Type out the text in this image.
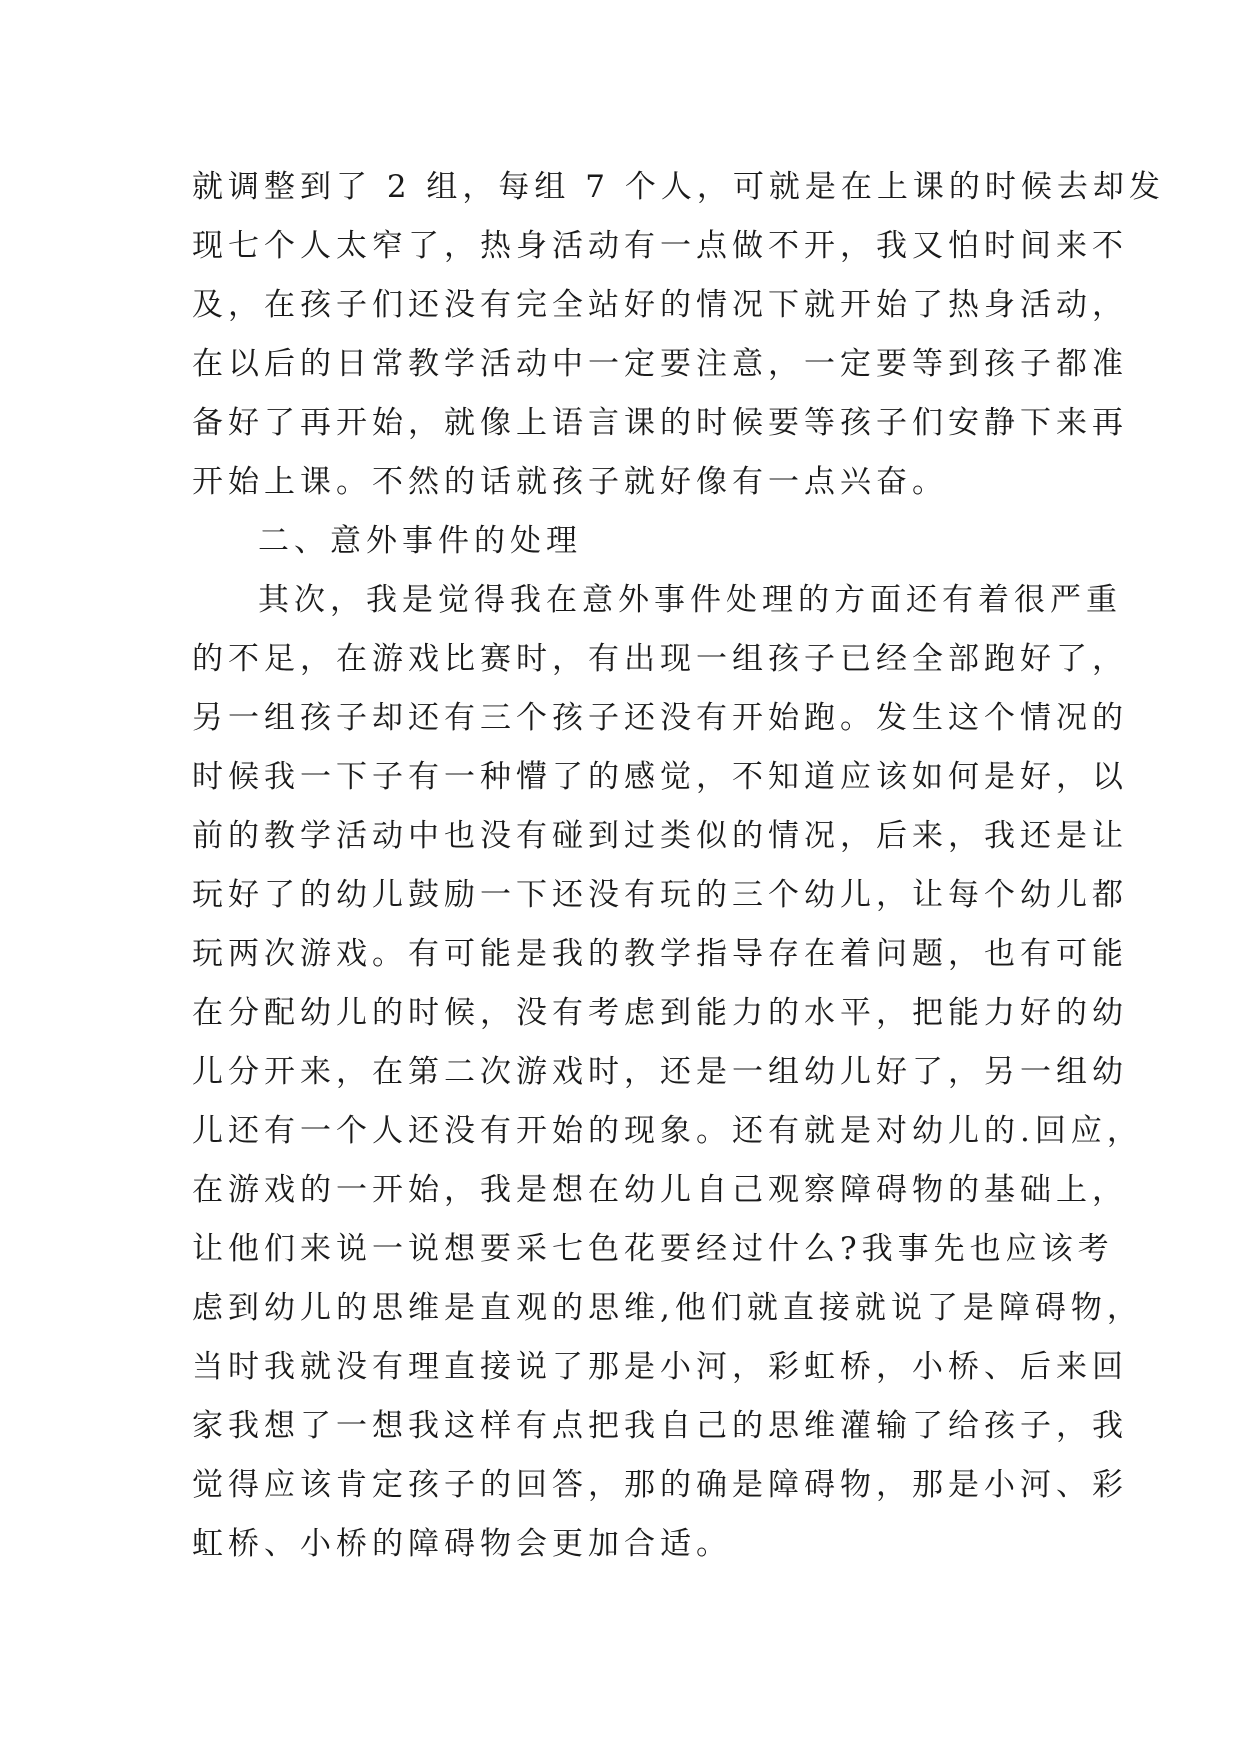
就调整到了 2 组，每组 7 个人，可就是在上课的时候去却发
现七个人太窄了，热身活动有一点做不开，我又怕时间来不
及，在孩子们还没有完全站好的情况下就开始了热身活动，
在以后的日常教学活动中一定要注意，一定要等到孩子都准
备好了再开始，就像上语言课的时候要等孩子们安静下来再
开始上课。不然的话就孩子就好像有一点兴奋。
二、意外事件的处理
其次，我是觉得我在意外事件处理的方面还有着很严重
的不足，在游戏比赛时，有出现一组孩子已经全部跑好了，
另一组孩子却还有三个孩子还没有开始跑。发生这个情况的
时候我一下子有一种懵了的感觉，不知道应该如何是好，以
前的教学活动中也没有碰到过类似的情况，后来，我还是让
玩好了的幼儿鼓励一下还没有玩的三个幼儿，让每个幼儿都
玩两次游戏。有可能是我的教学指导存在着问题，也有可能
在分配幼儿的时候，没有考虑到能力的水平，把能力好的幼
儿分开来，在第二次游戏时，还是一组幼儿好了，另一组幼
儿还有一个人还没有开始的现象。还有就是对幼儿的.回应，
在游戏的一开始，我是想在幼儿自己观察障碍物的基础上，
让他们来说一说想要采七色花要经过什么?我事先也应该考
虑到幼儿的思维是直观的思维,他们就直接就说了是障碍物，
当时我就没有理直接说了那是小河，彩虹桥，小桥、后来回
家我想了一想我这样有点把我自己的思维灌输了给孩子，我
觉得应该肯定孩子的回答，那的确是障碍物，那是小河、彩
虹桥、小桥的障碍物会更加合适。
